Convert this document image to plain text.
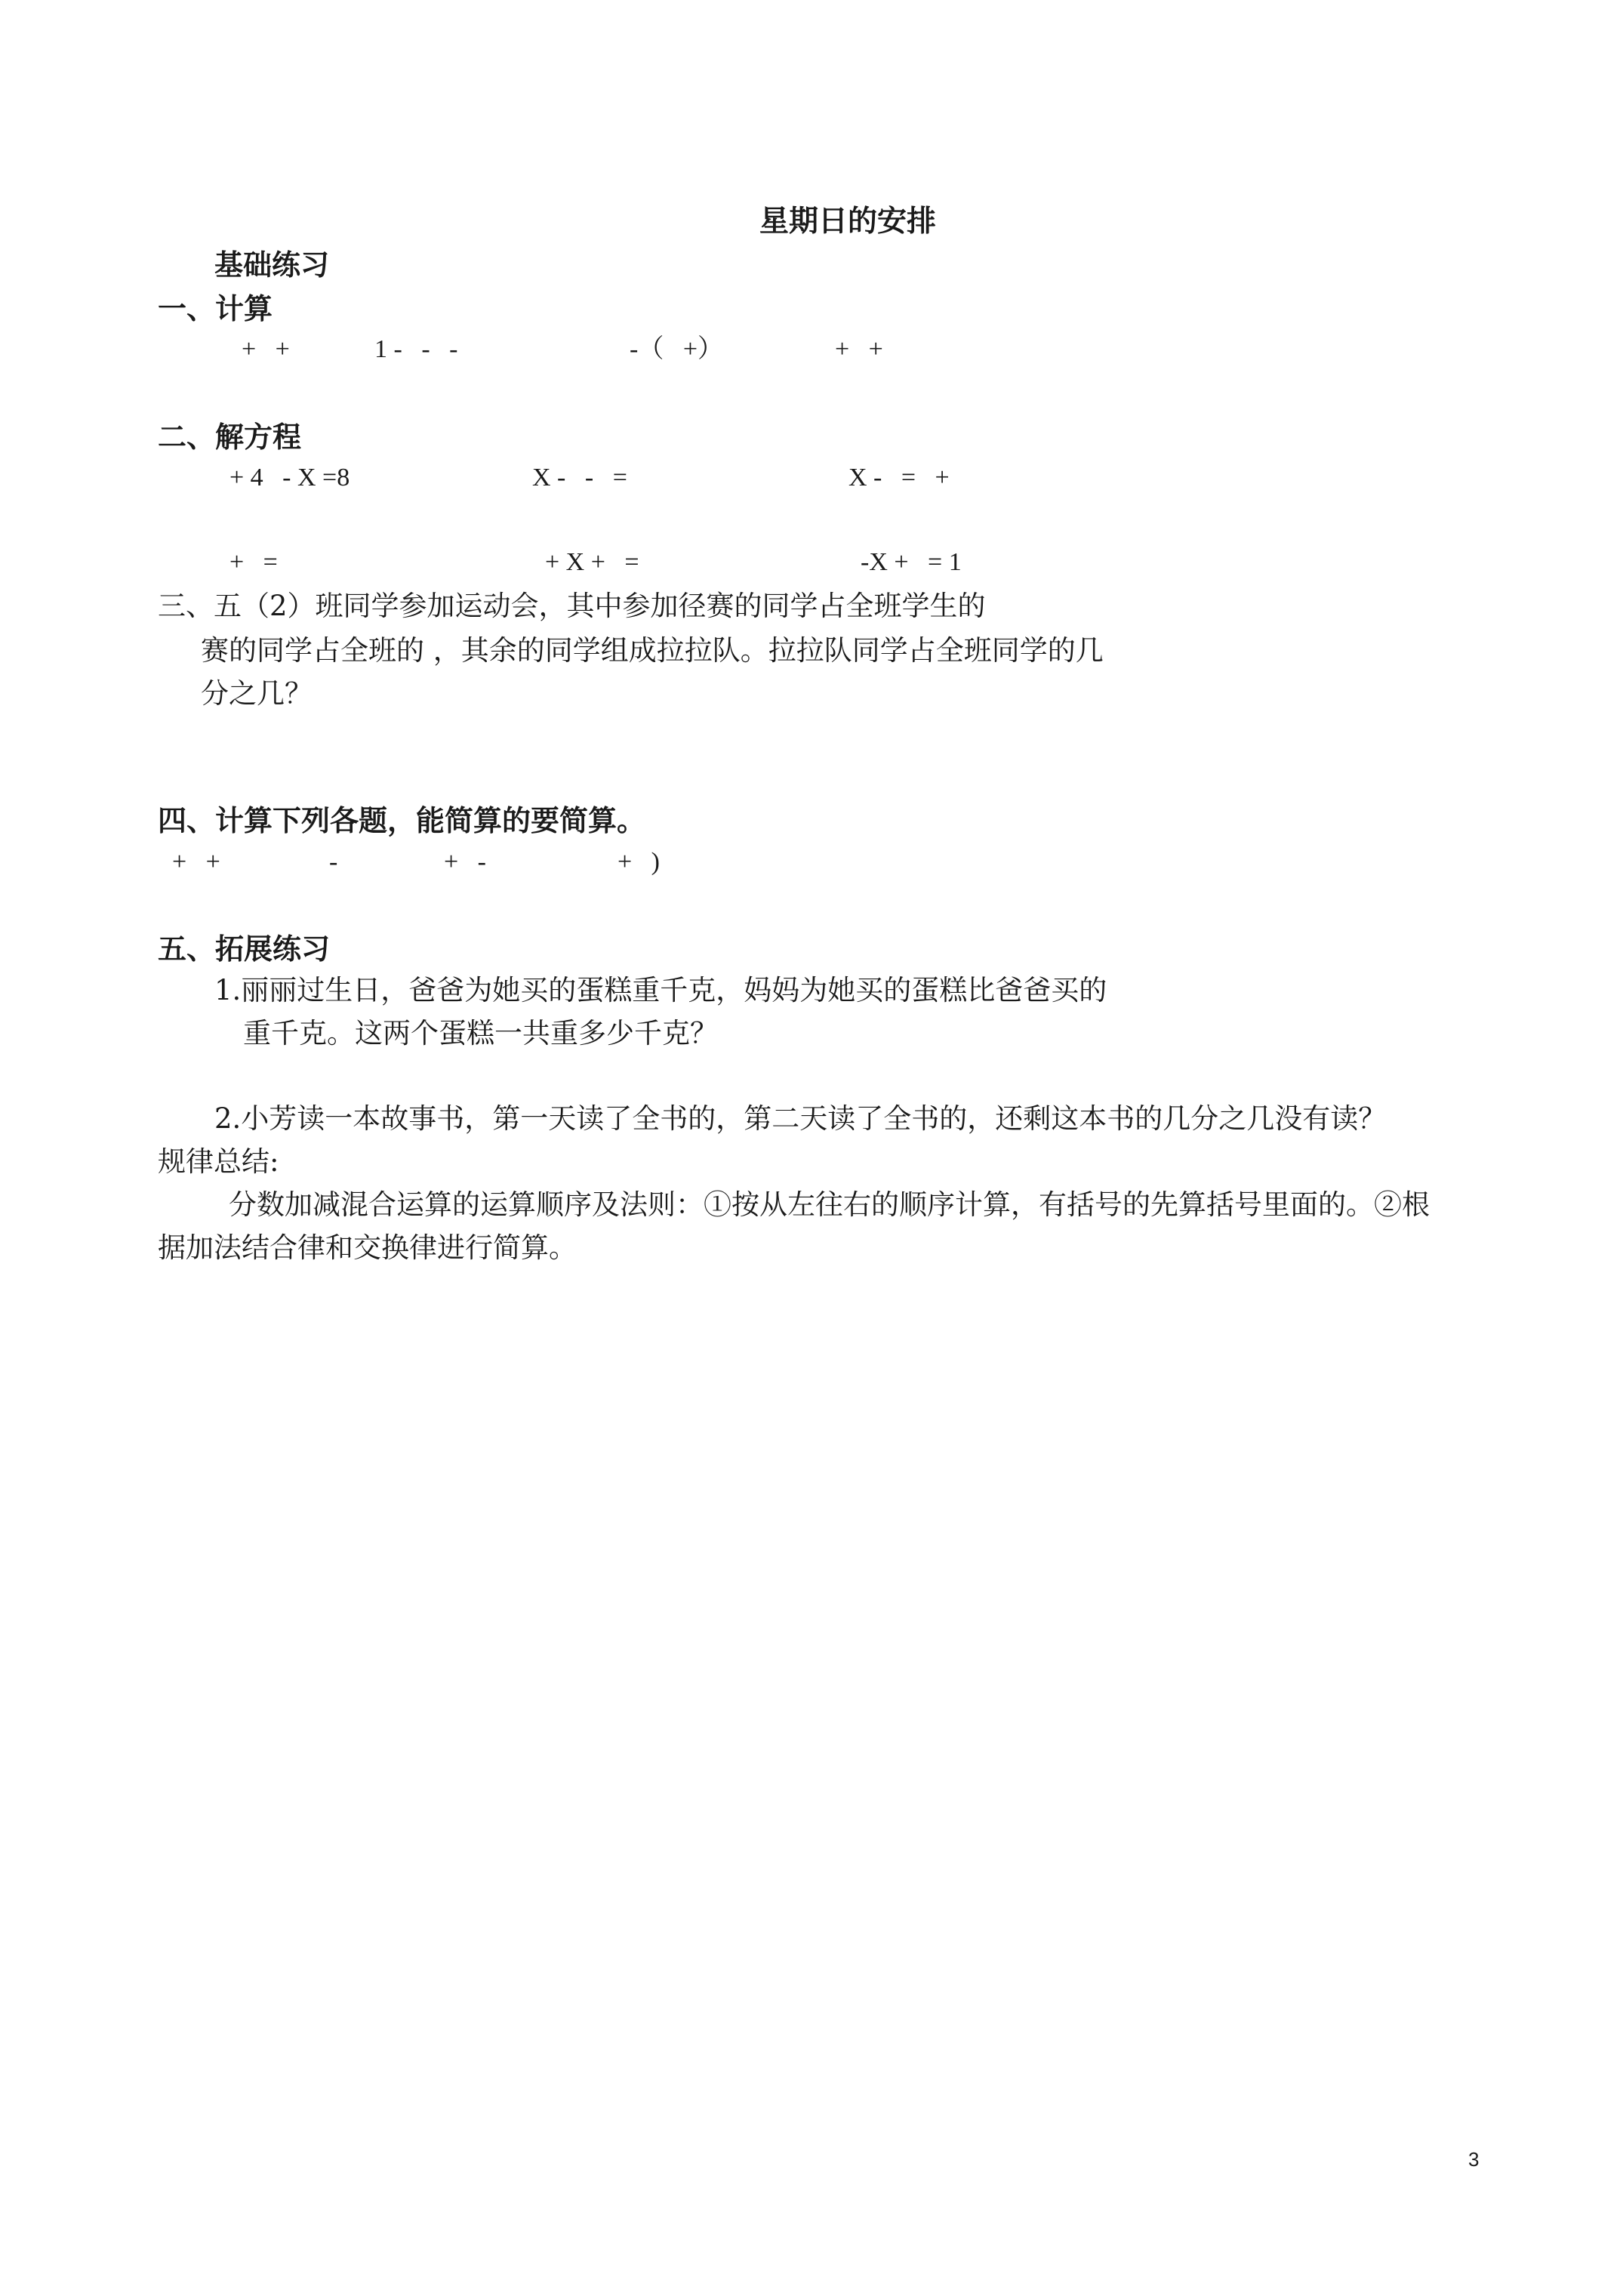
星期日的安排
基础练习
一、计算
+   +	1 -   -   -	-（   +）	+   +
二、解方程
+ 4   - X =8	X -   -   =	X -   =   +
+   =	+ X +   =	-X +   = 1
三、五（2）班同学参加运动会，其中参加径赛的同学占全班学生的
赛的同学占全班的 ，其余的同学组成拉拉队。拉拉队同学占全班同学的几
分之几？
四、计算下列各题，能简算的要简算。
+   +	-	+   -	+   )
五、拓展练习
1.丽丽过生日，爸爸为她买的蛋糕重千克，妈妈为她买的蛋糕比爸爸买的
重千克。这两个蛋糕一共重多少千克？
2.小芳读一本故事书，第一天读了全书的，第二天读了全书的，还剩这本书的几分之几没有读？
规律总结:
分数加减混合运算的运算顺序及法则：①按从左往右的顺序计算，有括号的先算括号里面的。②根
据加法结合律和交换律进行简算。
3
